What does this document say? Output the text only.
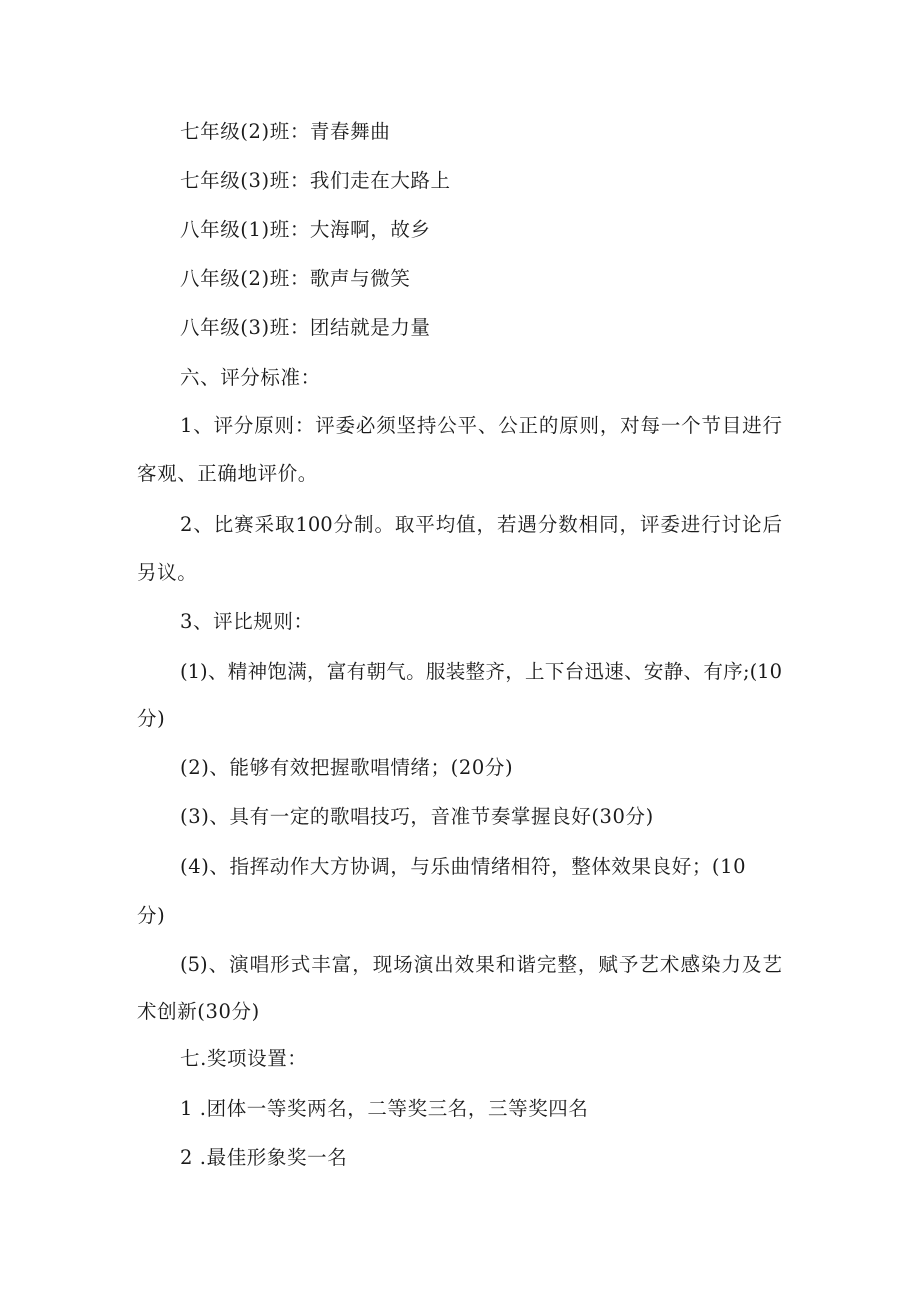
七年级(2)班：青春舞曲
七年级(3)班：我们走在大路上
八年级(1)班：大海啊，故乡
八年级(2)班：歌声与微笑
八年级(3)班：团结就是力量
六、评分标准：
1、评分原则：评委必须坚持公平、公正的原则，对每一个节目进行
客观、正确地评价。
2、比赛采取100分制。取平均值，若遇分数相同，评委进行讨论后
另议。
3、评比规则：
(1)、精神饱满，富有朝气。服装整齐，上下台迅速、安静、有序;(10
分)
(2)、能够有效把握歌唱情绪；(20分)
(3)、具有一定的歌唱技巧，音准节奏掌握良好(30分)
(4)、指挥动作大方协调，与乐曲情绪相符，整体效果良好；(10
分)
(5)、演唱形式丰富，现场演出效果和谐完整，赋予艺术感染力及艺
术创新(30分)
七.奖项设置：
1 .团体一等奖两名，二等奖三名，三等奖四名
2 .最佳形象奖一名
